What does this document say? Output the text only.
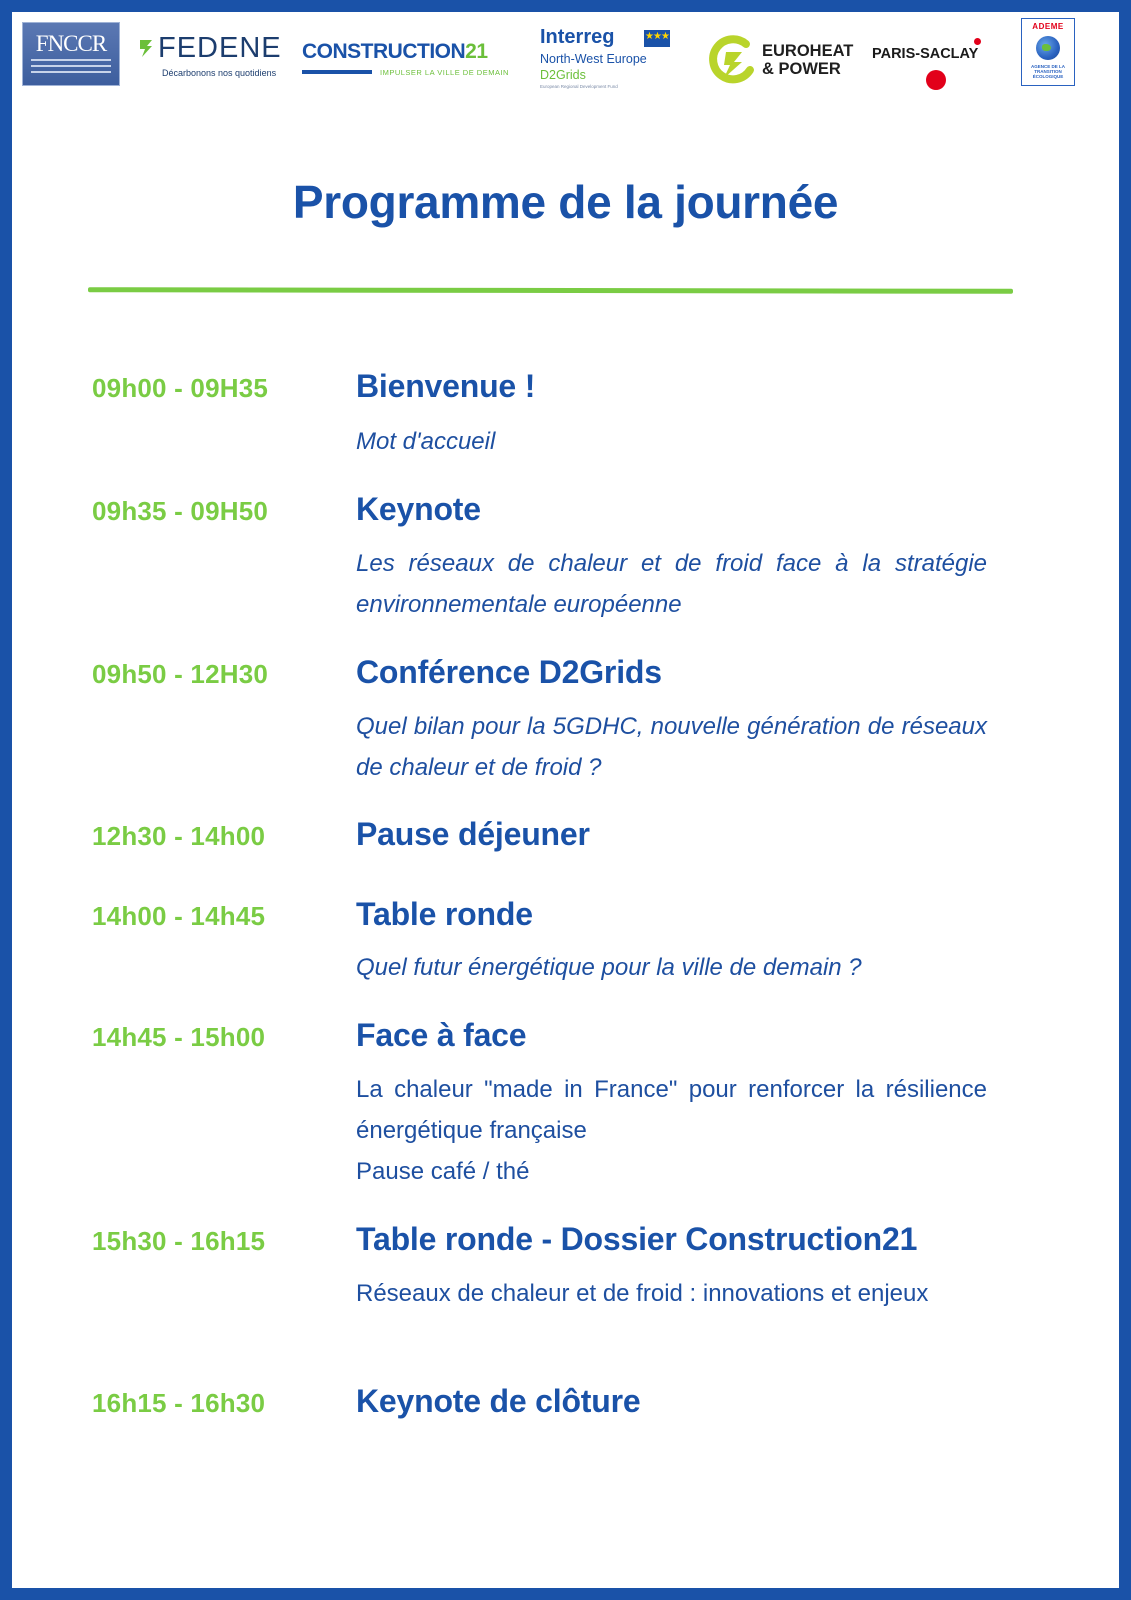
FNCCR	FEDENE
Décarbonons nos quotidiens
CONSTRUCTION21
IMPULSER LA VILLE DE DEMAIN
Interreg	★★★
North-West Europe
D2Grids
European Regional Development Fund
EUROHEAT
& POWER
PARIS-SACLAY
ADEME
AGENCE DE LA TRANSITION ÉCOLOGIQUE
Programme de la journée
09h00 - 09H35	Bienvenue !
Mot d'accueil
09h35 - 09H50	Keynote
Les réseaux de chaleur et de froid face à la stratégie environnementale européenne
09h50 - 12H30	Conférence D2Grids
Quel bilan pour la 5GDHC, nouvelle génération de réseaux de chaleur et de froid ?
12h30 - 14h00	Pause déjeuner
14h00 - 14h45	Table ronde
Quel futur énergétique pour la ville de demain ?
14h45 - 15h00	Face à face
La chaleur "made in France" pour renforcer la résilience énergétique française
Pause café / thé
15h30 - 16h15	Table ronde - Dossier Construction21
Réseaux de chaleur et de froid : innovations et enjeux
16h15 - 16h30	Keynote de clôture
